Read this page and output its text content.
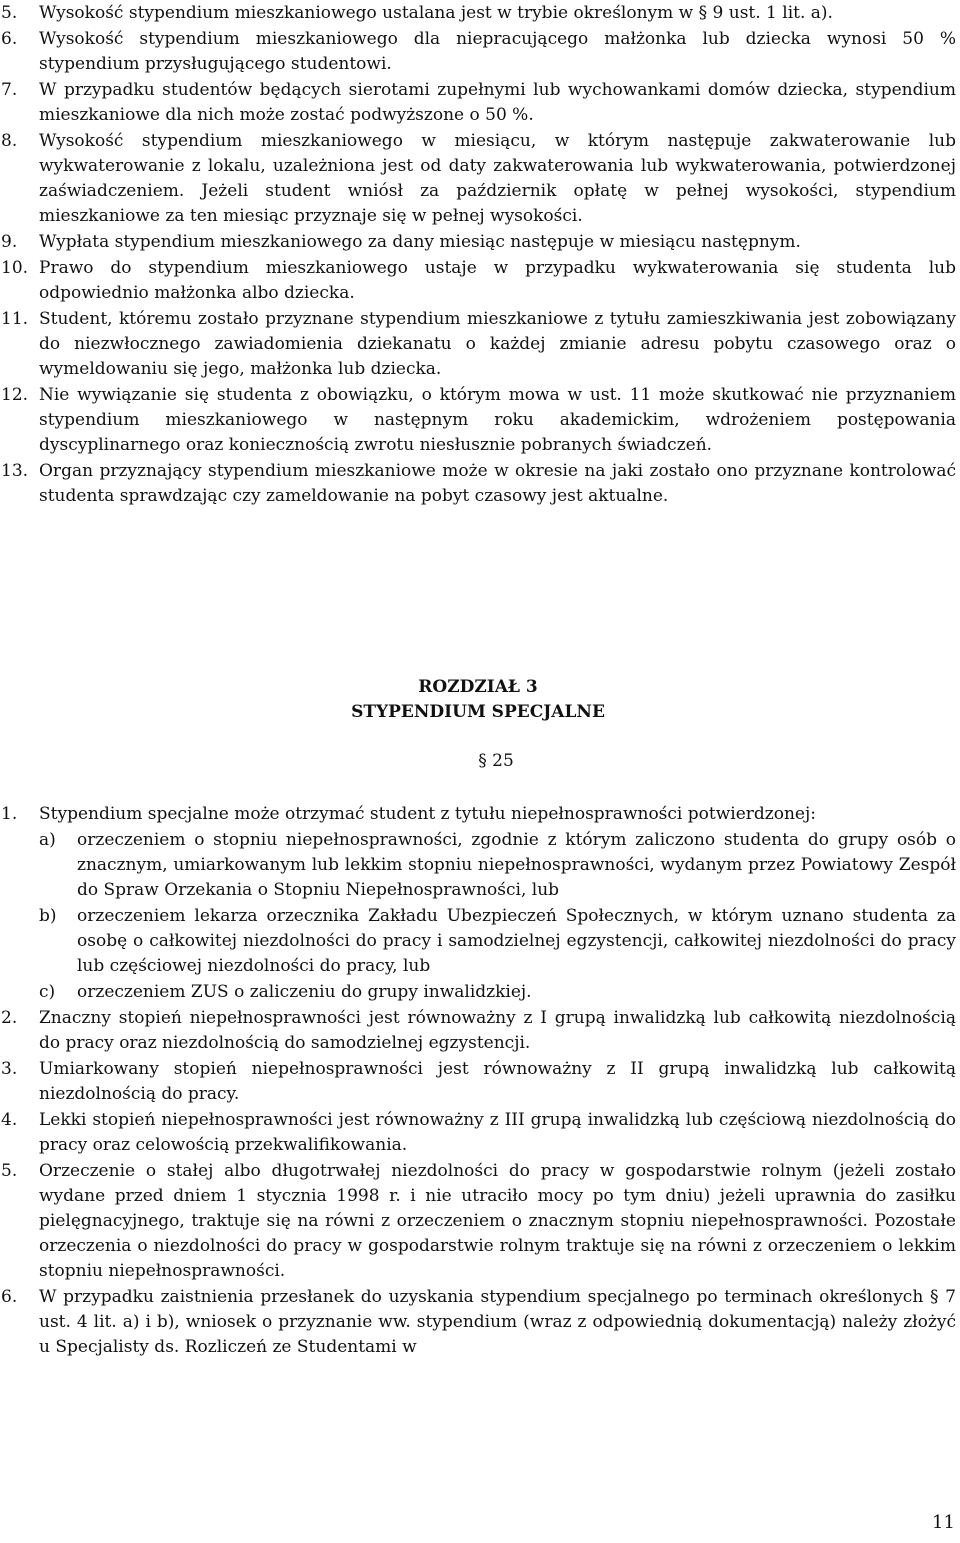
5. Wysokość stypendium mieszkaniowego ustalana jest w trybie określonym w § 9 ust. 1 lit. a).
6. Wysokość stypendium mieszkaniowego dla niepracującego małżonka lub dziecka wynosi 50 % stypendium przysługującego studentowi.
7. W przypadku studentów będących sierotami zupełnymi lub wychowankami domów dziecka, stypendium mieszkaniowe dla nich może zostać podwyższone o 50 %.
8. Wysokość stypendium mieszkaniowego w miesiącu, w którym następuje zakwaterowanie lub wykwaterowanie z lokalu, uzależniona jest od daty zakwaterowania lub wykwaterowania, potwierdzonej zaświadczeniem. Jeżeli student wniósł za październik opłatę w pełnej wysokości, stypendium mieszkaniowe za ten miesiąc przyznaje się w pełnej wysokości.
9. Wypłata stypendium mieszkaniowego za dany miesiąc następuje w miesiącu następnym.
10. Prawo do stypendium mieszkaniowego ustaje w przypadku wykwaterowania się studenta lub odpowiednio małżonka albo dziecka.
11. Student, któremu zostało przyznane stypendium mieszkaniowe z tytułu zamieszkiwania jest zobowiązany do niezwłocznego zawiadomienia dziekanatu o każdej zmianie adresu pobytu czasowego oraz o wymeldowaniu się jego, małżonka lub dziecka.
12. Nie wywiązanie się studenta z obowiązku, o którym mowa w ust. 11 może skutkować nie przyznaniem stypendium mieszkaniowego w następnym roku akademickim, wdrożeniem postępowania dyscyplinarnego oraz koniecznością zwrotu niesłusznie pobranych świadczeń.
13. Organ przyznający stypendium mieszkaniowe może w okresie na jaki zostało ono przyznane kontrolować studenta sprawdzając czy zameldowanie na pobyt czasowy jest aktualne.
ROZDZIAŁ 3
STYPENDIUM SPECJALNE
§ 25
1. Stypendium specjalne może otrzymać student z tytułu niepełnosprawności potwierdzonej:
a) orzeczeniem o stopniu niepełnosprawności, zgodnie z którym zaliczono studenta do grupy osób o znacznym, umiarkowanym lub lekkim stopniu niepełnosprawności, wydanym przez Powiatowy Zespół do Spraw Orzekania o Stopniu Niepełnosprawności, lub
b) orzeczeniem lekarza orzecznika Zakładu Ubezpieczeń Społecznych, w którym uznano studenta za osobę o całkowitej niezdolności do pracy i samodzielnej egzystencji, całkowitej niezdolności do pracy lub częściowej niezdolności do pracy, lub
c) orzeczeniem ZUS o zaliczeniu do grupy inwalidzkiej.
2. Znaczny stopień niepełnosprawności jest równoważny z I grupą inwalidzką lub całkowitą niezdolnością do pracy oraz niezdolnością do samodzielnej egzystencji.
3. Umiarkowany stopień niepełnosprawności jest równoważny z II grupą inwalidzką lub całkowitą niezdolnością do pracy.
4. Lekki stopień niepełnosprawności jest równoważny z III grupą inwalidzką lub częściową niezdolnością do pracy oraz celowością przekwalifikowania.
5. Orzeczenie o stałej albo długotrwałej niezdolności do pracy w gospodarstwie rolnym (jeżeli zostało wydane przed dniem 1 stycznia 1998 r. i nie utraciło mocy po tym dniu) jeżeli uprawnia do zasiłku pielęgnacyjnego, traktuje się na równi z orzeczeniem o znacznym stopniu niepełnosprawności. Pozostałe orzeczenia o niezdolności do pracy w gospodarstwie rolnym traktuje się na równi z orzeczeniem o lekkim stopniu niepełnosprawności.
6. W przypadku zaistnienia przesłanek do uzyskania stypendium specjalnego po terminach określonych § 7 ust. 4 lit. a) i b), wniosek o przyznanie ww. stypendium (wraz z odpowiednią dokumentacją) należy złożyć u Specjalisty ds. Rozliczeń ze Studentami w
11
